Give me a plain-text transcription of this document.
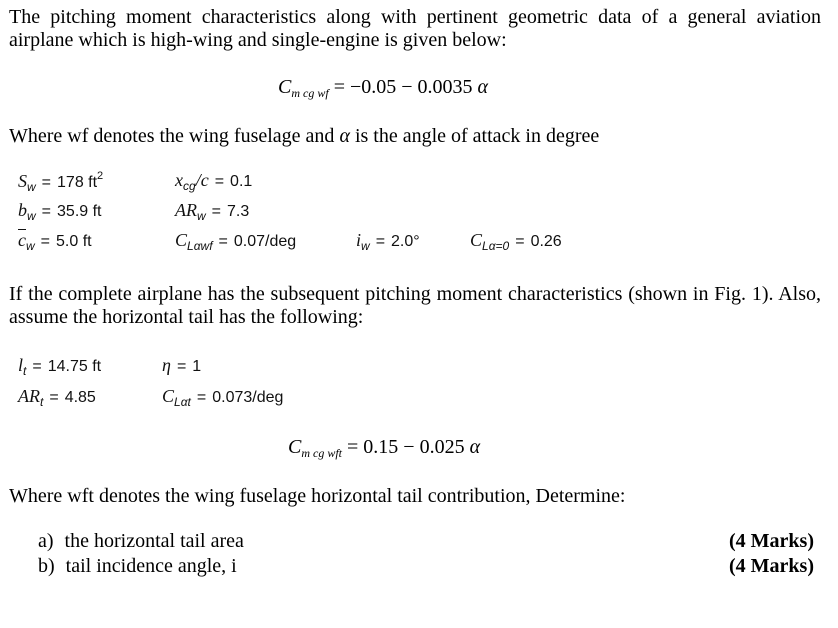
The pitching moment characteristics along with pertinent geometric data of a general aviation airplane which is high-wing and single-engine is given below:
$C_{m cg wf} = -0.05 - 0.0035$ α
Where wf denotes the wing fuselage and α is the angle of attack in degree
$S_w = 178$ $ft^2$	$x_{cg}/c = 0.1$
$b_w = 35.9$ ft	$AR_w = 7.3$
$\overline{c}_w = 5.0$ ft	$C_{L\alpha wf} = 0.07/deg$	$i_w = 2.0^\circ$	$C_{L\alpha=0} = 0.26$
If the complete airplane has the subsequent pitching moment characteristics (shown in Fig. 1). Also, assume the horizontal tail has the following:
$l_t = 14.75$ ft	η = 1
$AR_t = 4.85$	$C_{L\alpha t} = 0.073/deg$
$C_{m cg wft} = 0.15 - 0.025$ α
Where wft denotes the wing fuselage horizontal tail contribution, Determine:
a) the horizontal tail area	(4 Marks)
b) tail incidence angle, i	(4 Marks)
